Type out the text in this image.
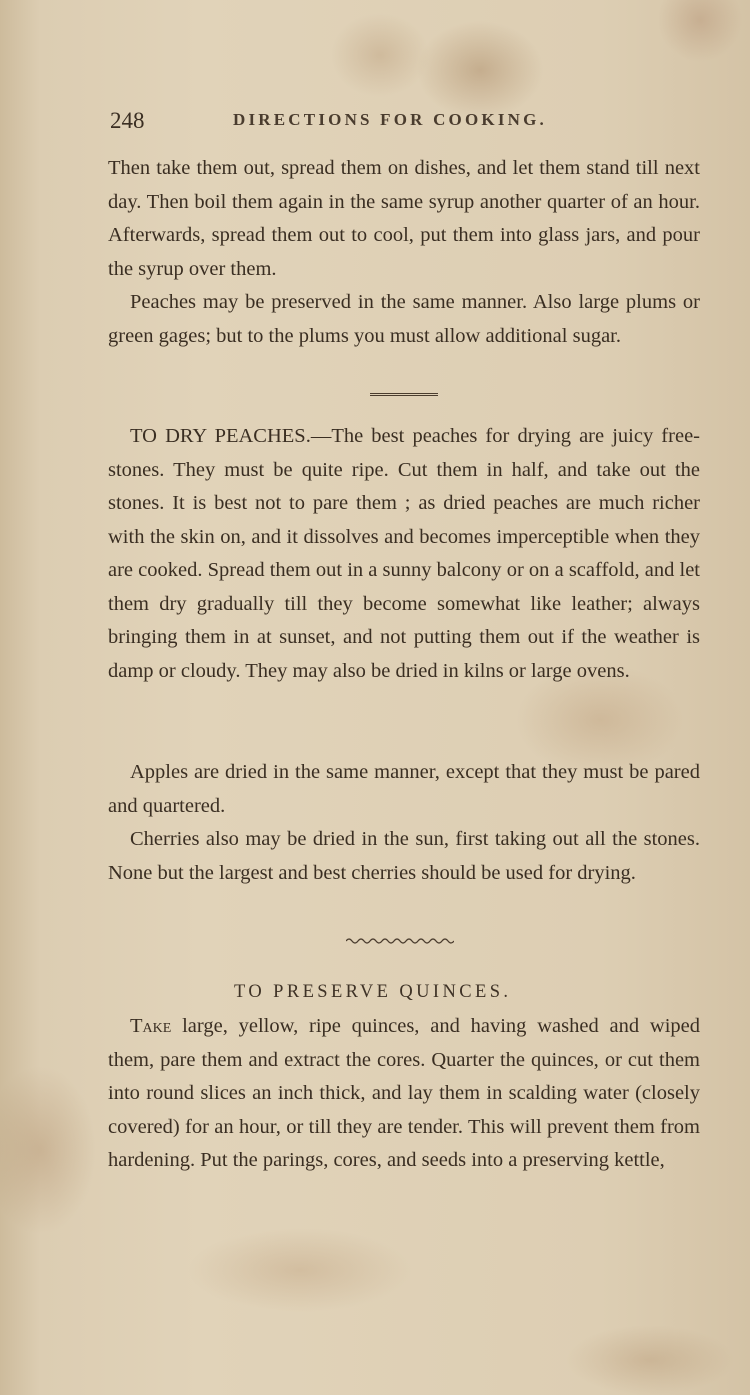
248	DIRECTIONS FOR COOKING.

Then take them out, spread them on dishes, and let them stand till next day. Then boil them again in the same syrup another quarter of an hour. Afterwards, spread them out to cool, put them into glass jars, and pour the syrup over them.

Peaches may be preserved in the same manner. Also large plums or green gages; but to the plums you must allow additional sugar.

TO DRY PEACHES.—The best peaches for drying are juicy free-stones. They must be quite ripe. Cut them in half, and take out the stones. It is best not to pare them ; as dried peaches are much richer with the skin on, and it dissolves and becomes imperceptible when they are cooked. Spread them out in a sunny balcony or on a scaffold, and let them dry gradually till they become somewhat like leather; always bringing them in at sunset, and not putting them out if the weather is damp or cloudy. They may also be dried in kilns or large ovens.

Apples are dried in the same manner, except that they must be pared and quartered.

Cherries also may be dried in the sun, first taking out all the stones. None but the largest and best cherries should be used for drying.

TO PRESERVE QUINCES.

Take large, yellow, ripe quinces, and having washed and wiped them, pare them and extract the cores. Quarter the quinces, or cut them into round slices an inch thick, and lay them in scalding water (closely covered) for an hour, or till they are tender. This will prevent them from hardening. Put the parings, cores, and seeds into a preserving kettle,
